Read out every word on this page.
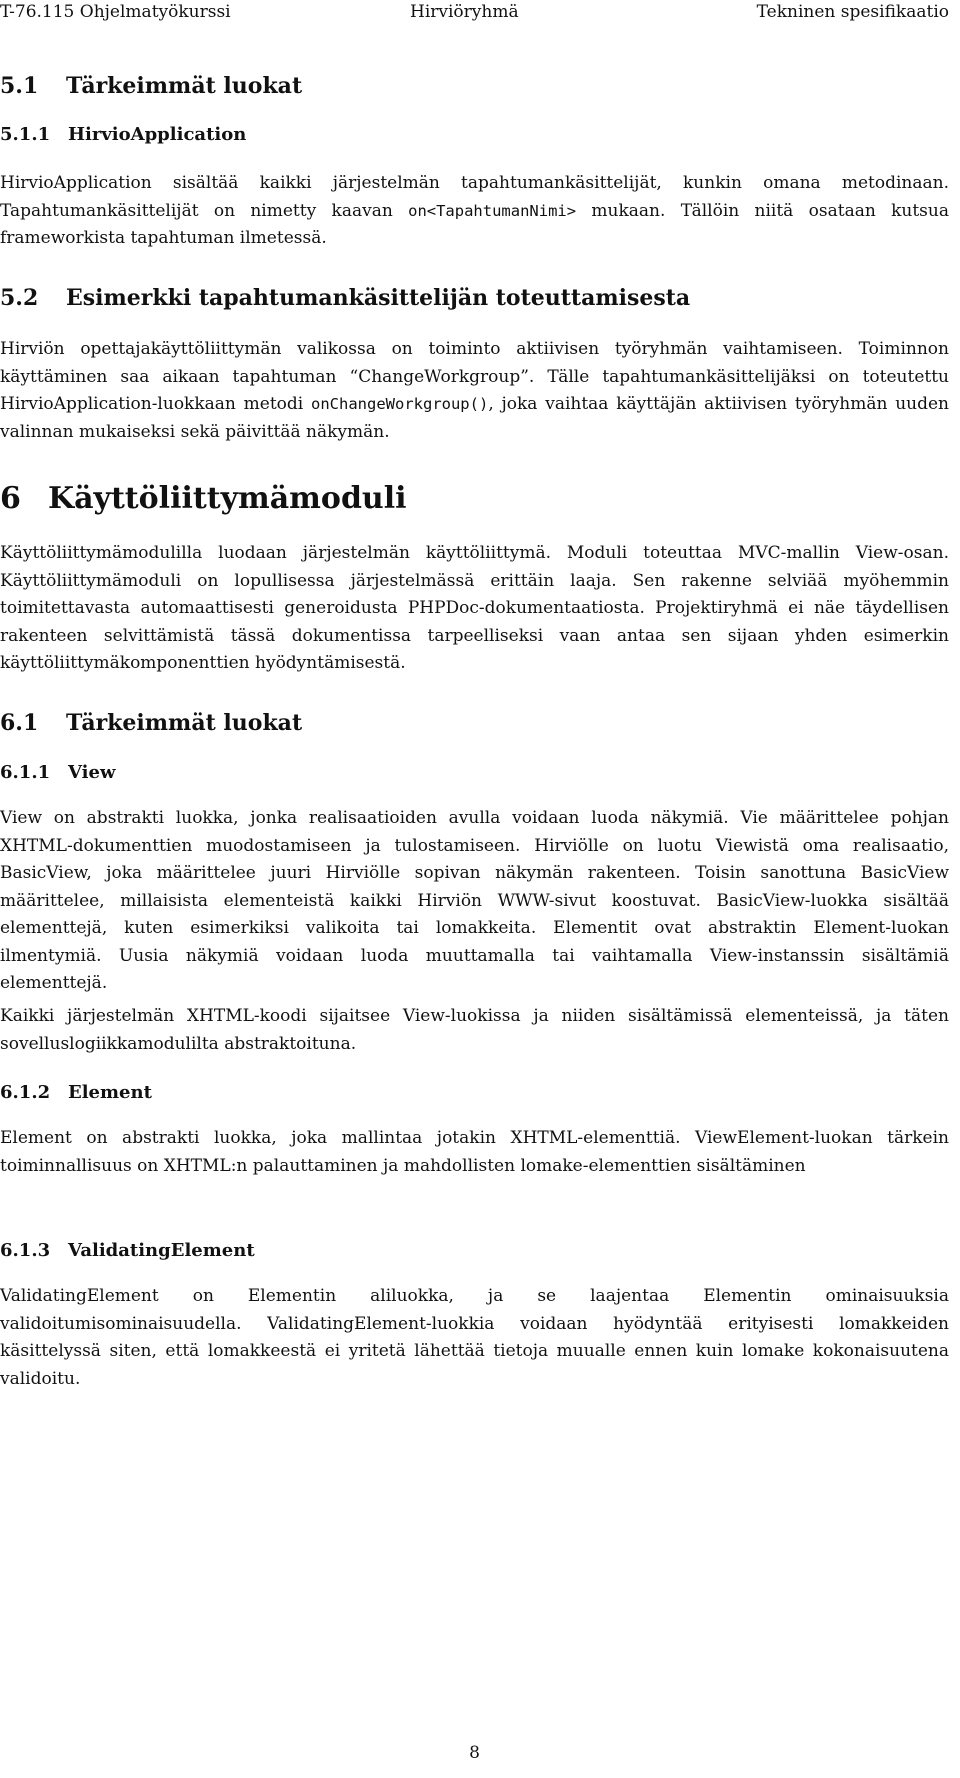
T-76.115 Ohjelmatyökurssi	Hirviöryhmä	Tekninen spesifikaatio
5.1 Tärkeimmät luokat
5.1.1 HirvioApplication

HirvioApplication sisältää kaikki järjestelmän tapahtumankäsittelijät, kunkin omana metodinaan. Tapahtumankäsittelijät on nimetty kaavan on<TapahtumanNimi> mukaan. Tällöin niitä osataan kutsua frameworkista tapahtuman ilmetessä.

5.2 Esimerkki tapahtumankäsittelijän toteuttamisesta

Hirviön opettajakäyttöliittymän valikossa on toiminto aktiivisen työryhmän vaihtamiseen. Toiminnon käyttäminen saa aikaan tapahtuman “ChangeWorkgroup”. Tälle tapahtumankäsittelijäksi on toteutettu HirvioApplication-luokkaan metodi onChangeWorkgroup(), joka vaihtaa käyttäjän aktiivisen työryhmän uuden valinnan mukaiseksi sekä päivittää näkymän.

6 Käyttöliittymämoduli

Käyttöliittymämodulilla luodaan järjestelmän käyttöliittymä. Moduli toteuttaa MVC-mallin View-osan. Käyttöliittymämoduli on lopullisessa järjestelmässä erittäin laaja. Sen rakenne selviää myöhemmin toimitettavasta automaattisesti generoidusta PHPDoc-dokumentaatiosta. Projektiryhmä ei näe täydellisen rakenteen selvittämistä tässä dokumentissa tarpeelliseksi vaan antaa sen sijaan yhden esimerkin käyttöliittymäkomponenttien hyödyntämisestä.

6.1 Tärkeimmät luokat
6.1.1 View

View on abstrakti luokka, jonka realisaatioiden avulla voidaan luoda näkymiä. Vie määrittelee pohjan XHTML-dokumenttien muodostamiseen ja tulostamiseen. Hirviölle on luotu Viewistä oma realisaatio, BasicView, joka määrittelee juuri Hirviölle sopivan näkymän rakenteen. Toisin sanottuna BasicView määrittelee, millaisista elementeistä kaikki Hirviön WWW-sivut koostuvat. BasicView-luokka sisältää elementtejä, kuten esimerkiksi valikoita tai lomakkeita. Elementit ovat abstraktin Element-luokan ilmentymiä. Uusia näkymiä voidaan luoda muuttamalla tai vaihtamalla View-instanssin sisältämiä elementtejä.

Kaikki järjestelmän XHTML-koodi sijaitsee View-luokissa ja niiden sisältämissä elementeissä, ja täten sovelluslogiikkamodulilta abstraktoituna.

6.1.2 Element

Element on abstrakti luokka, joka mallintaa jotakin XHTML-elementtiä. ViewElement-luokan tärkein toiminnallisuus on XHTML:n palauttaminen ja mahdollisten lomake-elementtien sisältäminen

6.1.3 ValidatingElement

ValidatingElement on Elementin aliluokka, ja se laajentaa Elementin ominaisuuksia validoitumisominaisuudella. ValidatingElement-luokkia voidaan hyödyntää erityisesti lomakkeiden käsittelyssä siten, että lomakkeestä ei yritetä lähettää tietoja muualle ennen kuin lomake kokonaisuutena validoitu.

8
